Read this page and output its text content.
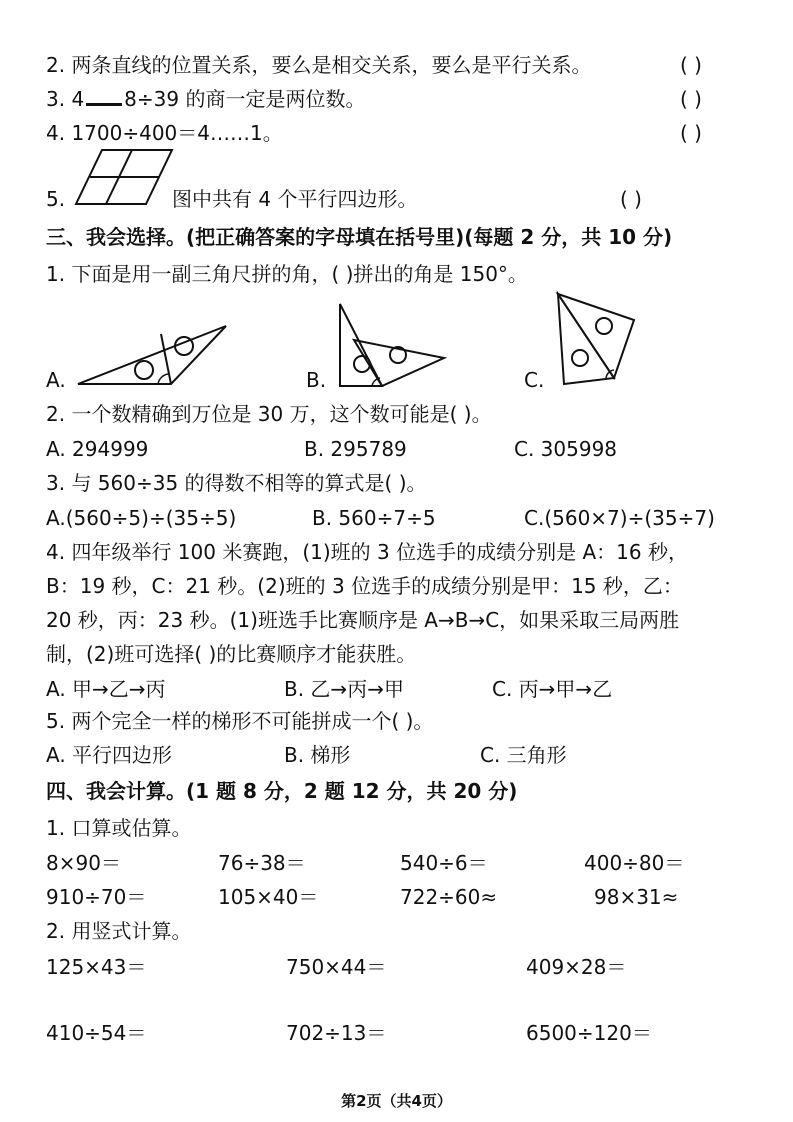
2. 两条直线的位置关系，要么是相交关系，要么是平行关系。	( )
3. 4 8÷39 的商一定是两位数。	( )
4. 1700÷400＝4……1。	( )
5.	图中共有 4 个平行四边形。	( )
三、我会选择。(把正确答案的字母填在括号里)(每题 2 分，共 10 分)
1. 下面是用一副三角尺拼的角，( )拼出的角是 150°。
A.	B.	C.
2. 一个数精确到万位是 30 万，这个数可能是( )。
A. 294999	B. 295789	C. 305998
3. 与 560÷35 的得数不相等的算式是( )。
A.(560÷5)÷(35÷5)	B. 560÷7÷5	C.(560×7)÷(35÷7)
4. 四年级举行 100 米赛跑，(1)班的 3 位选手的成绩分别是 A：16 秒，
B：19 秒，C：21 秒。(2)班的 3 位选手的成绩分别是甲：15 秒，乙：
20 秒，丙：23 秒。(1)班选手比赛顺序是 A→B→C，如果采取三局两胜
制，(2)班可选择( )的比赛顺序才能获胜。
A. 甲→乙→丙	B. 乙→丙→甲	C. 丙→甲→乙
5. 两个完全一样的梯形不可能拼成一个( )。
A. 平行四边形	B. 梯形	C. 三角形
四、我会计算。(1 题 8 分，2 题 12 分，共 20 分)
1. 口算或估算。
8×90＝	76÷38＝	540÷6＝	400÷80＝
910÷70＝	105×40＝	722÷60≈	98×31≈
2. 用竖式计算。
125×43＝	750×44＝	409×28＝
410÷54＝	702÷13＝	6500÷120＝
第2页（共4页）
